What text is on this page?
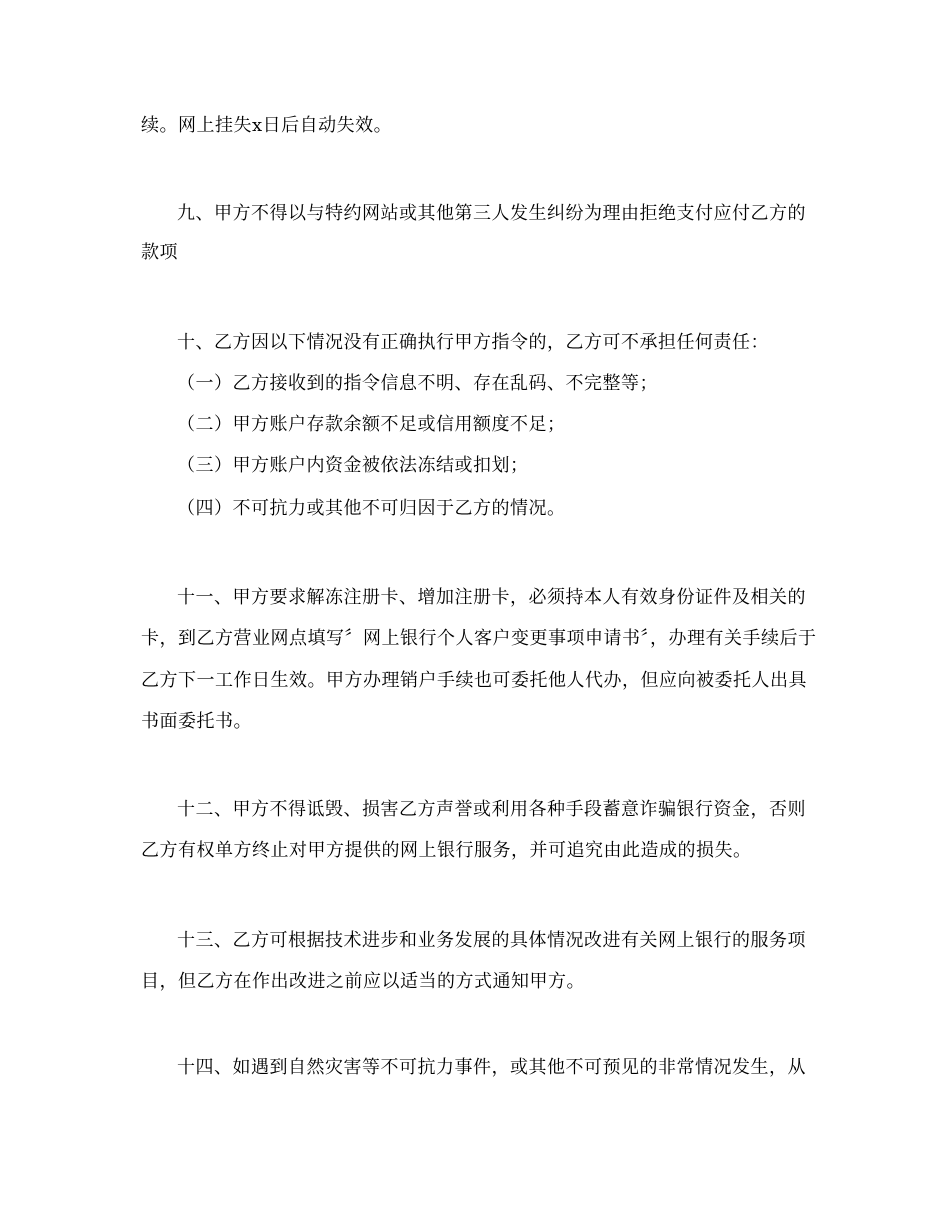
续。网上挂失x日后自动失效。
九、甲方不得以与特约网站或其他第三人发生纠纷为理由拒绝支付应付乙方的
款项
十、乙方因以下情况没有正确执行甲方指令的，乙方可不承担任何责任：
（一）乙方接收到的指令信息不明、存在乱码、不完整等；
（二）甲方账户存款余额不足或信用额度不足；
（三）甲方账户内资金被依法冻结或扣划；
（四）不可抗力或其他不可归因于乙方的情况。
十一、甲方要求解冻注册卡、增加注册卡，必须持本人有效身份证件及相关的
卡，到乙方营业网点填写〞网上银行个人客户变更事项申请书〞，办理有关手续后于
乙方下一工作日生效。甲方办理销户手续也可委托他人代办，但应向被委托人出具
书面委托书。
十二、甲方不得诋毁、损害乙方声誉或利用各种手段蓄意诈骗银行资金，否则
乙方有权单方终止对甲方提供的网上银行服务，并可追究由此造成的损失。
十三、乙方可根据技术进步和业务发展的具体情况改进有关网上银行的服务项
目，但乙方在作出改进之前应以适当的方式通知甲方。
十四、如遇到自然灾害等不可抗力事件，或其他不可预见的非常情况发生，从
